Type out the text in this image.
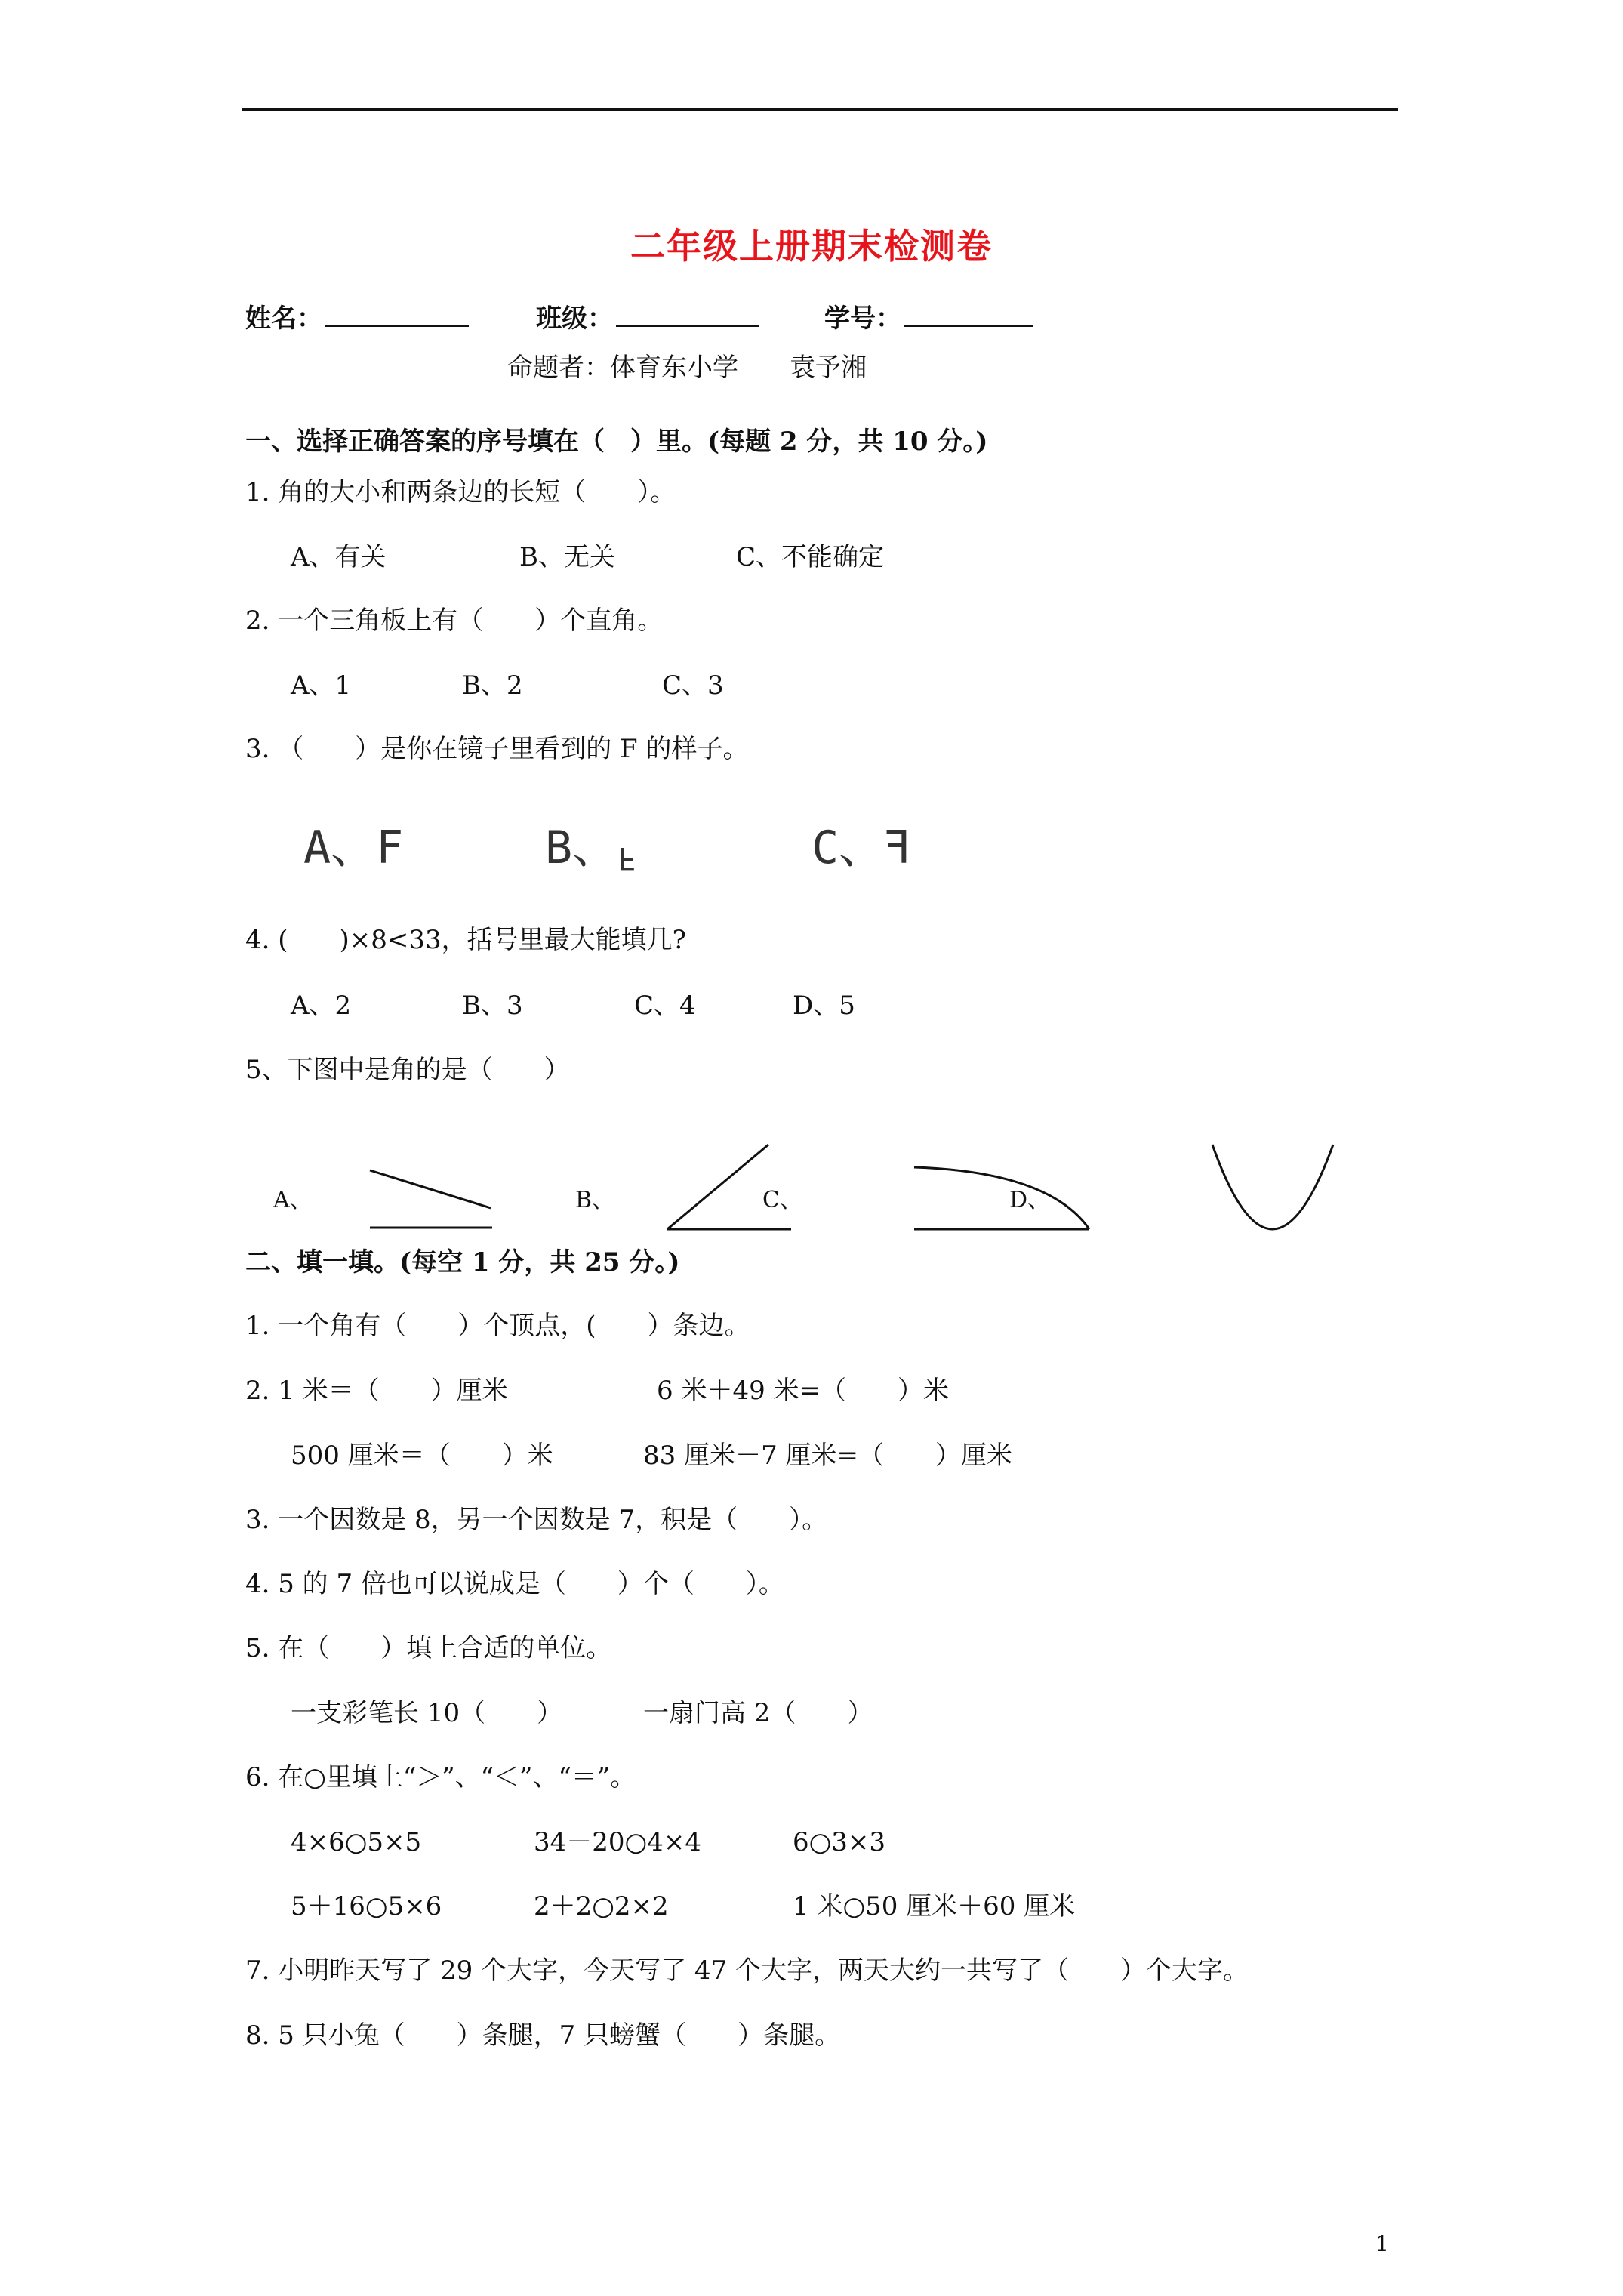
二年级上册期末检测卷
姓名：	班级：	学号：
命题者：体育东小学　　袁予湘
一、选择正确答案的序号填在（　）里。(每题 2 分，共 10 分。)
1. 角的大小和两条边的长短（　　）。
A、有关	B、无关	C、不能确定
2. 一个三角板上有（　　）个直角。
A、1	B、2	C、3
3. （　　）是你在镜子里看到的 F 的样子。
A、F	B、F	C、F
4. (　　)×8<33，括号里最大能填几?
A、2	B、3	C、4	D、5
5、下图中是角的是（　　）
A、	B、	C、	D、
二、填一填。(每空 1 分，共 25 分。)
1. 一个角有（　　）个顶点，(　　）条边。
2. 1 米＝（　　）厘米	6 米＋49 米=（　　）米
500 厘米＝（　　）米	83 厘米－7 厘米=（　　）厘米
3. 一个因数是 8，另一个因数是 7，积是（　　）。
4. 5 的 7 倍也可以说成是（　　）个（　　）。
5. 在（　　）填上合适的单位。
一支彩笔长 10（　　）	一扇门高 2（　　）
6. 在○里填上“＞”、“＜”、“＝”。
4×6○5×5	34－20○4×4	6○3×3
5＋16○5×6	2＋2○2×2	1 米○50 厘米＋60 厘米
7. 小明昨天写了 29 个大字，今天写了 47 个大字，两天大约一共写了（　　）个大字。
8. 5 只小兔（　　）条腿，7 只螃蟹（　　）条腿。
1
